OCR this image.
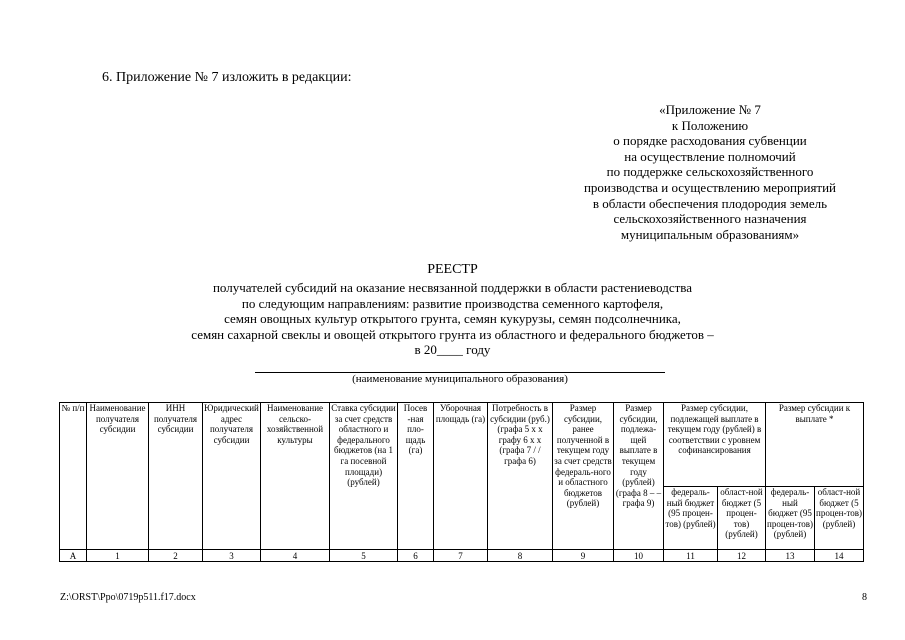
6. Приложение № 7 изложить в редакции:
«Приложение № 7
к Положению
о порядке расходования субвенции
на осуществление полномочий
по поддержке сельскохозяйственного
производства и осуществлению мероприятий
в области обеспечения плодородия земель
сельскохозяйственного назначения
муниципальным образованиям»
РЕЕСТР
получателей субсидий на оказание несвязанной поддержки в области растениеводства
по следующим направлениям: развитие производства семенного картофеля,
семян овощных культур открытого грунта, семян кукурузы, семян подсолнечника,
семян сахарной свеклы и овощей открытого грунта из областного и федерального бюджетов –
в 20____ году
(наименование муниципального образования)
№ п/п	Наименование получателя субсидии	ИНН получателя субсидии	Юридический адрес получателя субсидии	Наименование сельско-хозяйственной культуры	Ставка субсидии за счет средств областного и федерального бюджетов (на 1 га посевной площади) (рублей)	Посев -ная пло-щадь (га)	Уборочная площадь (га)	Потребность в субсидии (руб.) (графа 5 х х графу 6 х х (графа 7 / / графа 6)	Размер субсидии, ранее полученной в текущем году за счет средств федераль-ного и областного бюджетов (рублей)	Размер субсидии, подлежа-щей выплате в текущем году (рублей) (графа 8 – – графа 9)	Размер субсидии, подлежащей выплате в текущем году (рублей) в соответствии с уровнем софинансирования		Размер субсидии к выплате *	
											федераль-ный бюджет (95 процен-тов) (рублей)	област-ной бюджет (5 процен-тов) (рублей)	федераль-ный бюджет (95 процен-тов) (рублей)	област-ной бюджет (5 процен-тов) (рублей)
А	1	2	3	4	5	6	7	8	9	10	11	12	13	14
Z:\ORST\Ppo\0719p511.f17.docx	8
